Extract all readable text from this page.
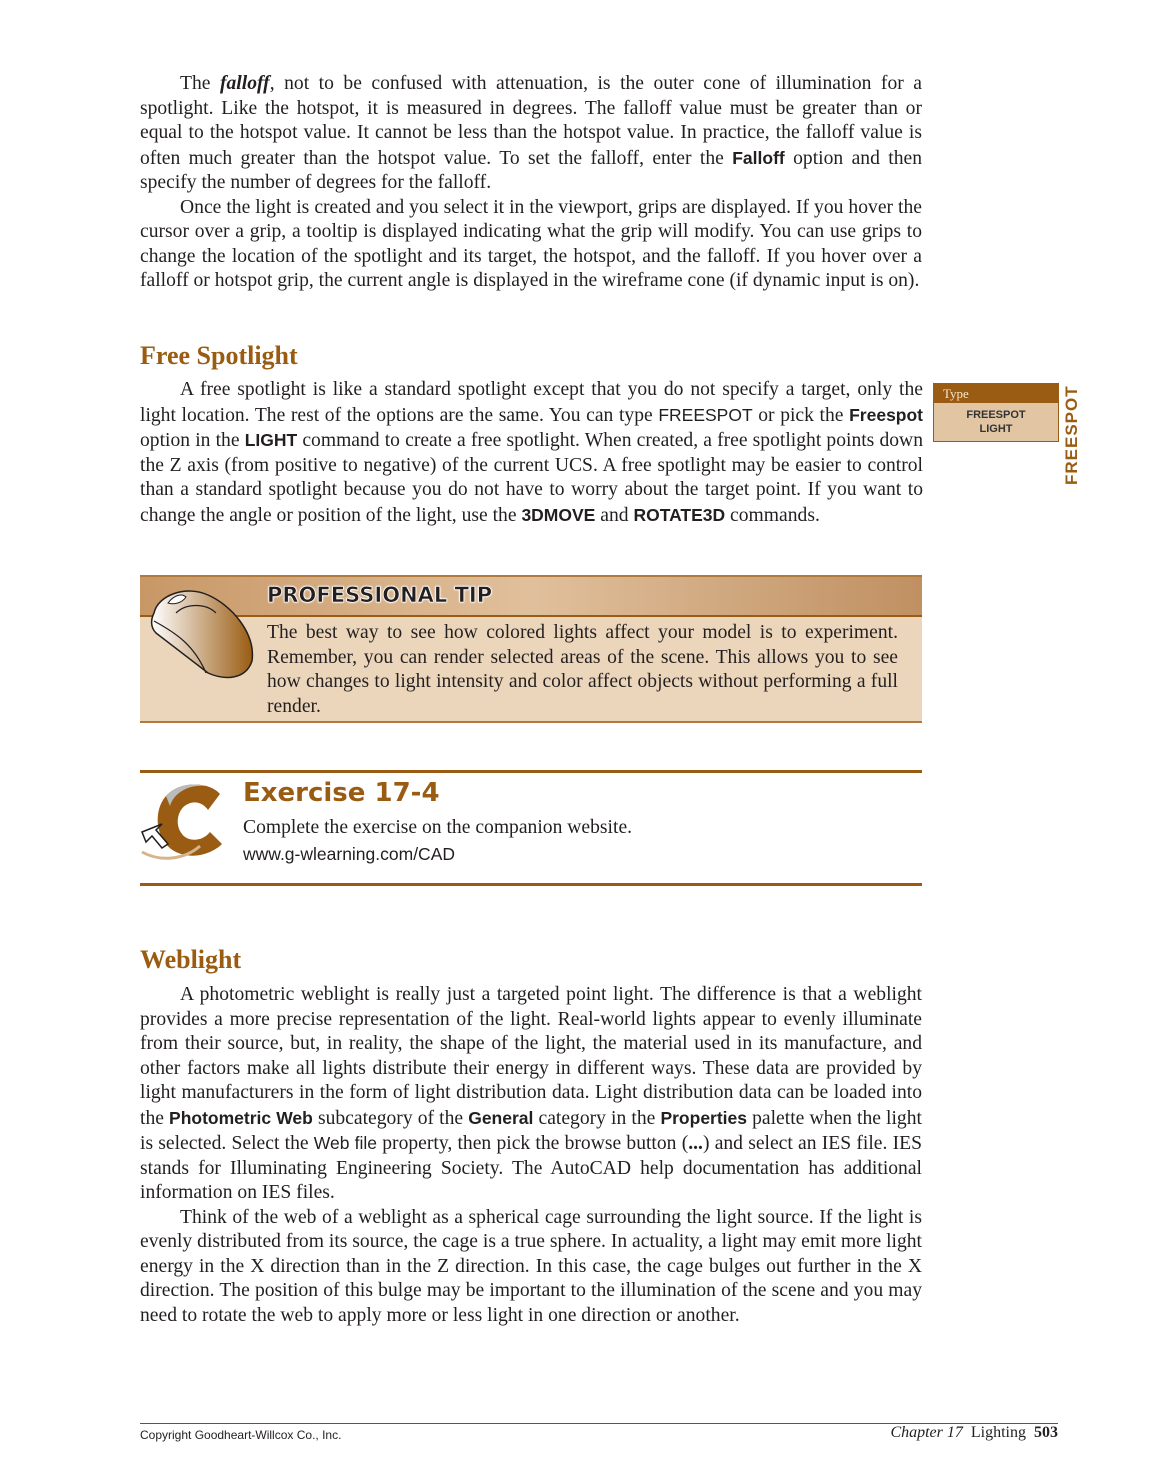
The falloff, not to be confused with attenuation, is the outer cone of illumination for a spotlight. Like the hotspot, it is measured in degrees. The falloff value must be greater than or equal to the hotspot value. It cannot be less than the hotspot value. In practice, the falloff value is often much greater than the hotspot value. To set the falloff, enter the Falloff option and then specify the number of degrees for the falloff.

Once the light is created and you select it in the viewport, grips are displayed. If you hover the cursor over a grip, a tooltip is displayed indicating what the grip will modify. You can use grips to change the location of the spotlight and its target, the hotspot, and the falloff. If you hover over a falloff or hotspot grip, the current angle is displayed in the wireframe cone (if dynamic input is on).

Free Spotlight

A free spotlight is like a standard spotlight except that you do not specify a target, only the light location. The rest of the options are the same. You can type FREESPOT or pick the Freespot option in the LIGHT command to create a free spotlight. When created, a free spotlight points down the Z axis (from positive to negative) of the current UCS. A free spotlight may be easier to control than a standard spotlight because you do not have to worry about the target point. If you want to change the angle or position of the light, use the 3DMOVE and ROTATE3D commands.

Type
FREESPOT
LIGHT	FREESPOT
PROFESSIONAL TIP
The best way to see how colored lights affect your model is to experiment. Remember, you can render selected areas of the scene. This allows you to see how changes to light intensity and color affect objects without performing a full render.
Exercise 17-4
Complete the exercise on the companion website.
www.g-wlearning.com/CAD
Weblight

A photometric weblight is really just a targeted point light. The difference is that a weblight provides a more precise representation of the light. Real-world lights appear to evenly illuminate from their source, but, in reality, the shape of the light, the material used in its manufacture, and other factors make all lights distribute their energy in different ways. These data are provided by light manufacturers in the form of light distribution data. Light distribution data can be loaded into the Photometric Web subcategory of the General category in the Properties palette when the light is selected. Select the Web file property, then pick the browse button (...) and select an IES file. IES stands for Illuminating Engineering Society. The AutoCAD help documentation has additional information on IES files.

Think of the web of a weblight as a spherical cage surrounding the light source. If the light is evenly distributed from its source, the cage is a true sphere. In actuality, a light may emit more light energy in the X direction than in the Z direction. In this case, the cage bulges out further in the X direction. The position of this bulge may be important to the illumination of the scene and you may need to rotate the web to apply more or less light in one direction or another.

Copyright Goodheart-Willcox Co., Inc.	Chapter 17 Lighting 503
